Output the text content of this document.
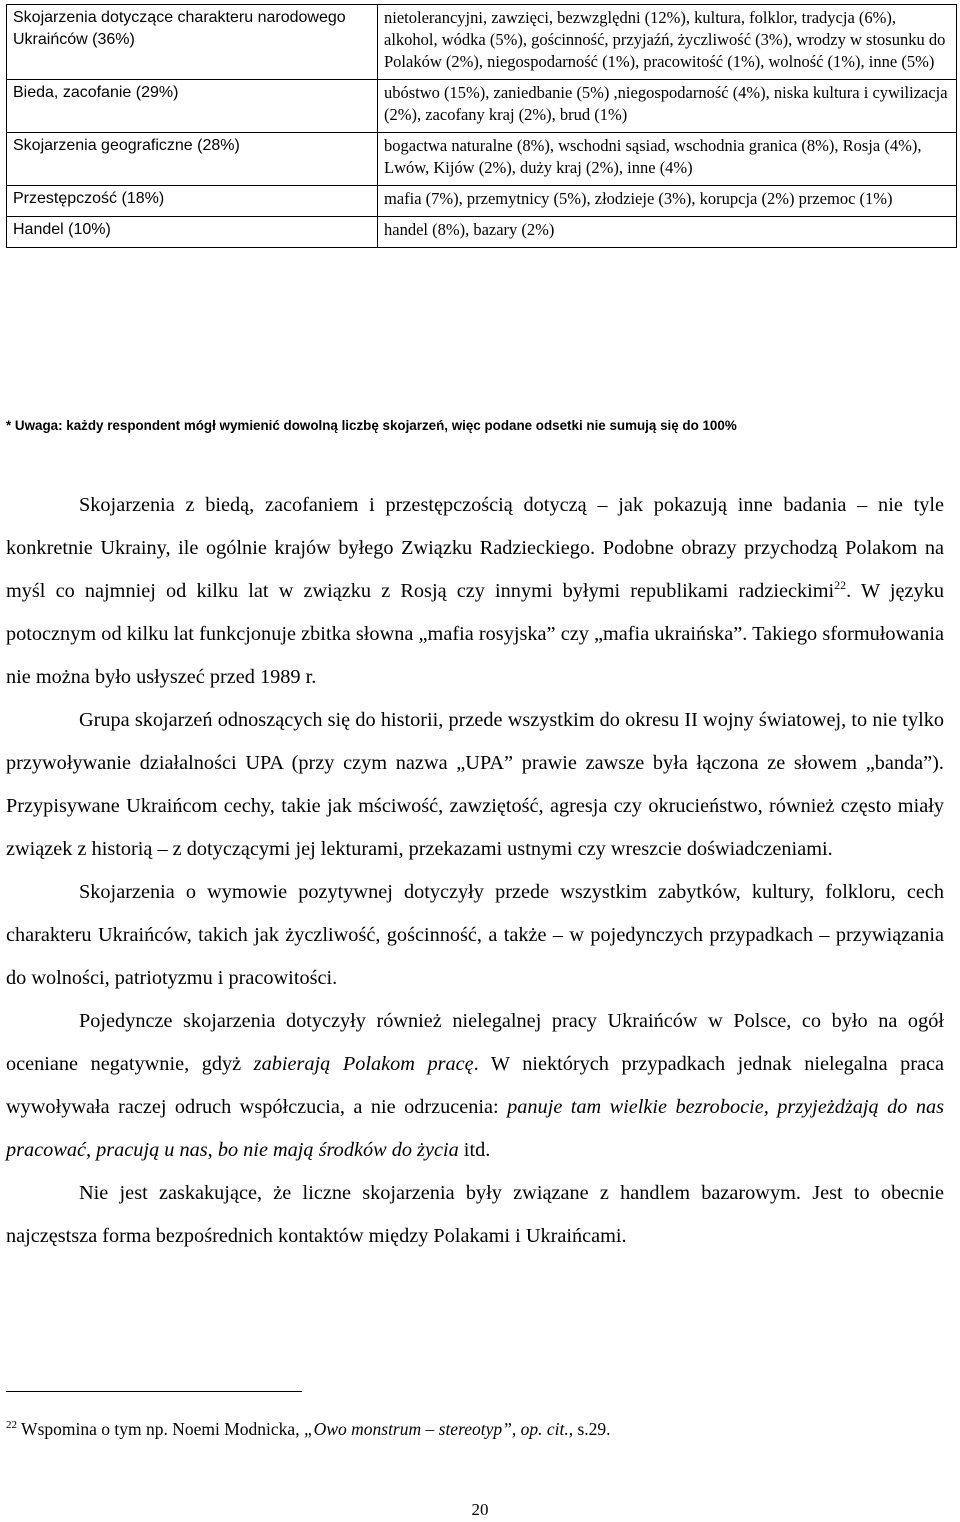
Skojarzenia dotyczące charakteru narodowego Ukraińców (36%)	nietolerancyjni, zawzięci, bezwzględni (12%), kultura, folklor, tradycja (6%), alkohol, wódka (5%), gościnność, przyjaźń, życzliwość (3%), wrodzy w stosunku do Polaków (2%), niegospodarność (1%), pracowitość (1%), wolność (1%), inne (5%)
Bieda, zacofanie (29%)	ubóstwo (15%), zaniedbanie (5%) ,niegospodarność (4%), niska kultura i cywilizacja (2%), zacofany kraj (2%), brud (1%)
Skojarzenia geograficzne (28%)	bogactwa naturalne (8%), wschodni sąsiad, wschodnia granica (8%), Rosja (4%), Lwów, Kijów (2%), duży kraj (2%), inne (4%)
Przestępczość (18%)	mafia (7%), przemytnicy (5%), złodzieje (3%), korupcja (2%) przemoc (1%)
Handel (10%)	handel (8%), bazary (2%)
* Uwaga: każdy respondent mógł wymienić dowolną liczbę skojarzeń, więc podane odsetki nie sumują się do 100%

Skojarzenia z biedą, zacofaniem i przestępczością dotyczą – jak pokazują inne badania – nie tyle konkretnie Ukrainy, ile ogólnie krajów byłego Związku Radzieckiego. Podobne obrazy przychodzą Polakom na myśl co najmniej od kilku lat w związku z Rosją czy innymi byłymi republikami radzieckimi$^{22}$. W języku potocznym od kilku lat funkcjonuje zbitka słowna „mafia rosyjska” czy „mafia ukraińska”. Takiego sformułowania nie można było usłyszeć przed 1989 r.

Grupa skojarzeń odnoszących się do historii, przede wszystkim do okresu II wojny światowej, to nie tylko przywoływanie działalności UPA (przy czym nazwa „UPA” prawie zawsze była łączona ze słowem „banda”). Przypisywane Ukraińcom cechy, takie jak mściwość, zawziętość, agresja czy okrucieństwo, również często miały związek z historią – z dotyczącymi jej lekturami, przekazami ustnymi czy wreszcie doświadczeniami.

Skojarzenia o wymowie pozytywnej dotyczyły przede wszystkim zabytków, kultury, folkloru, cech charakteru Ukraińców, takich jak życzliwość, gościnność, a także – w pojedynczych przypadkach – przywiązania do wolności, patriotyzmu i pracowitości.

Pojedyncze skojarzenia dotyczyły również nielegalnej pracy Ukraińców w Polsce, co było na ogół oceniane negatywnie, gdyż zabierają Polakom pracę. W niektórych przypadkach jednak nielegalna praca wywoływała raczej odruch współczucia, a nie odrzucenia: panuje tam wielkie bezrobocie, przyjeżdżają do nas pracować, pracują u nas, bo nie mają środków do życia itd.

Nie jest zaskakujące, że liczne skojarzenia były związane z handlem bazarowym. Jest to obecnie najczęstsza forma bezpośrednich kontaktów między Polakami i Ukraińcami.

$^{22}$ Wspomina o tym np. Noemi Modnicka, „Owo monstrum – stereotyp”, op. cit., s.29.
20
